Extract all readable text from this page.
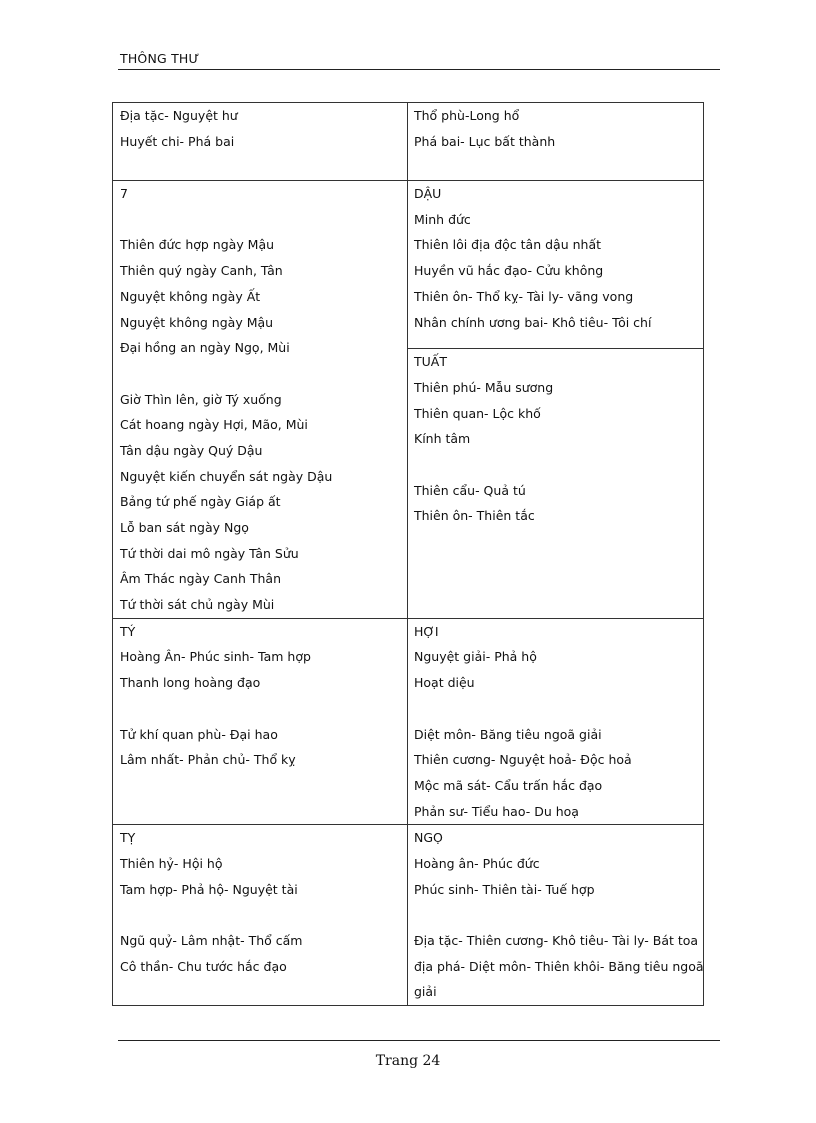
THÔNG THƯ
Địa tặc- Nguyệt hư
Huyết chi- Phá bai
Thổ phù-Long hổ
Phá bai- Lục bất thành
7
Thiên đức hợp ngày Mậu
Thiên quý ngày Canh, Tân
Nguyệt không ngày Ất
Nguyệt không ngày Mậu
Đại hồng an ngày Ngọ, Mùi
Giờ Thìn lên, giờ Tý xuống
Cát hoang ngày Hợi, Mão, Mùi
Tân dậu ngày Quý Dậu
Nguyệt kiến chuyển sát ngày Dậu
Bảng tứ phế ngày Giáp ất
Lỗ ban sát ngày Ngọ
Tứ thời dai mô ngày Tân Sửu
Âm Thác ngày Canh Thân
Tứ thời sát chủ ngày Mùi
DẬU
Minh đức
Thiên lôi địa độc tân dậu nhất
Huyền vũ hắc đạo- Cửu không
Thiên ôn- Thổ kỵ- Tài ly- vãng vong
Nhân chính ương bai- Khô tiêu- Tôi chí
TUẤT
Thiên phú- Mẫu sương
Thiên quan- Lộc khố
Kính tâm
Thiên cẩu- Quả tú
Thiên ôn- Thiên tắc
TÝ
Hoàng Ân- Phúc sinh- Tam hợp
Thanh long hoàng đạo
Tử khí quan phù- Đại hao
Lâm nhất- Phản chủ- Thổ kỵ
HỢI
Nguyệt giải- Phả hộ
Hoạt diệu
Diệt môn- Băng tiêu ngoã giải
Thiên cương- Nguyệt hoả- Độc hoả
Mộc mã sát- Cẩu trấn hắc đạo
Phản sư- Tiểu hao- Du hoạ
TỴ
Thiên hỷ- Hội hộ
Tam hợp- Phả hộ- Nguyệt tài
Ngũ quỷ- Lâm nhật- Thổ cấm
Cô thần- Chu tước hắc đạo
NGỌ
Hoàng ân- Phúc đức
Phúc sinh- Thiên tài- Tuế hợp
Địa tặc- Thiên cương- Khô tiêu- Tài ly- Bát toa
địa phá- Diệt môn- Thiên khôi- Băng tiêu ngoã
giải
Trang 24
